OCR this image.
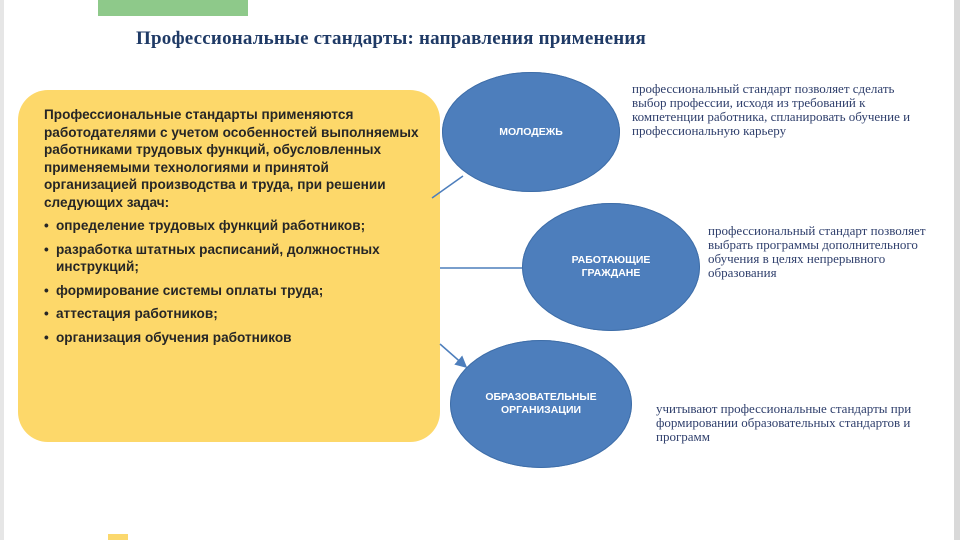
Профессиональные стандарты: направления применения

Профессиональные стандарты применяются работодателями с учетом особенностей выполняемых работниками трудовых функций, обусловленных применяемыми технологиями и принятой организацией производства и труда, при решении следующих задач:

• определение трудовых функций работников;
• разработка штатных расписаний, должностных инструкций;
• формирование системы оплаты труда;
• аттестация работников;
• организация обучения работников
МОЛОДЕЖЬ
РАБОТАЮЩИЕ ГРАЖДАНЕ
ОБРАЗОВАТЕЛЬНЫЕ ОРГАНИЗАЦИИ
профессиональный стандарт позволяет сделать выбор профессии, исходя из требований к компетенции работника, спланировать обучение и профессиональную карьеру
профессиональный стандарт позволяет выбрать программы дополнительного обучения в целях непрерывного образования
учитывают профессиональные стандарты при формировании образовательных стандартов и программ
